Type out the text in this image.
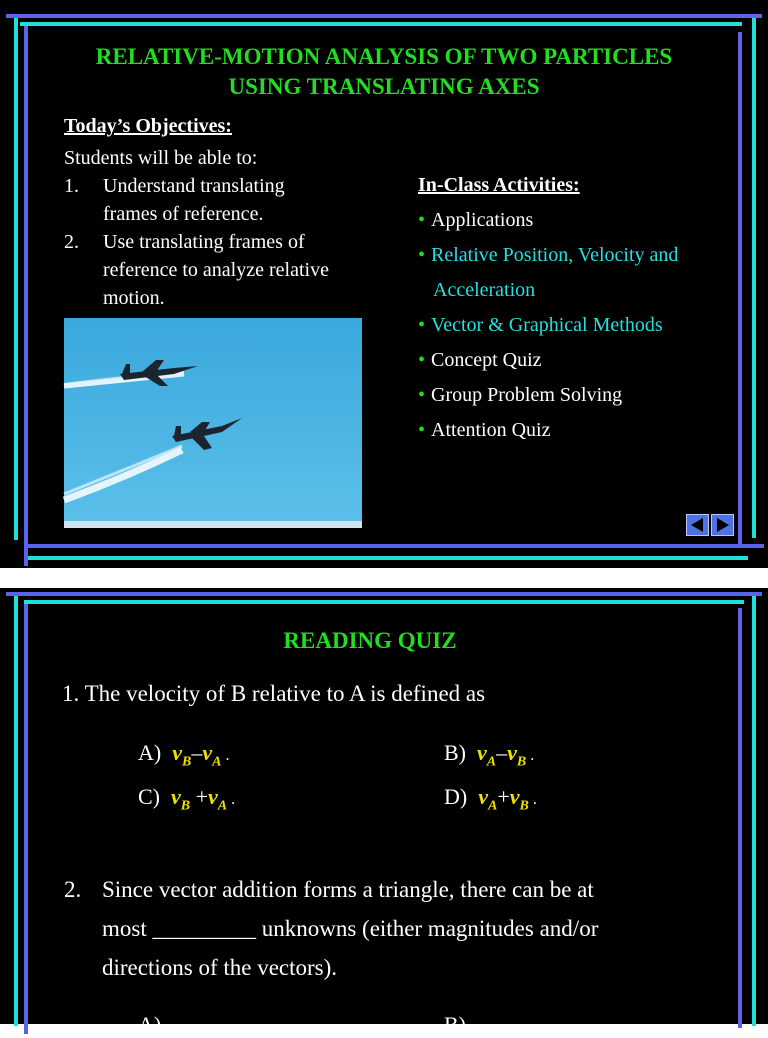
RELATIVE-MOTION ANALYSIS OF TWO PARTICLES
USING TRANSLATING AXES
Today’s Objectives:
Students will be able to:
1. Understand translating
frames of reference.
2. Use translating frames of
reference to analyze relative
motion.
In-Class Activities:
• Applications
• Relative Position, Velocity and
Acceleration
• Vector & Graphical Methods
• Concept Quiz
• Group Problem Solving
• Attention Quiz
READING QUIZ
1. The velocity of B relative to A is defined as
A) $v_B-v_A$ .	B) $v_A-v_B$ .
C) $v_B +v_A$ .	D) $v_A+v_B$ .
2. Since vector addition forms a triangle, there can be at
most _________ unknowns (either magnitudes and/or
directions of the vectors).
A)	B)
